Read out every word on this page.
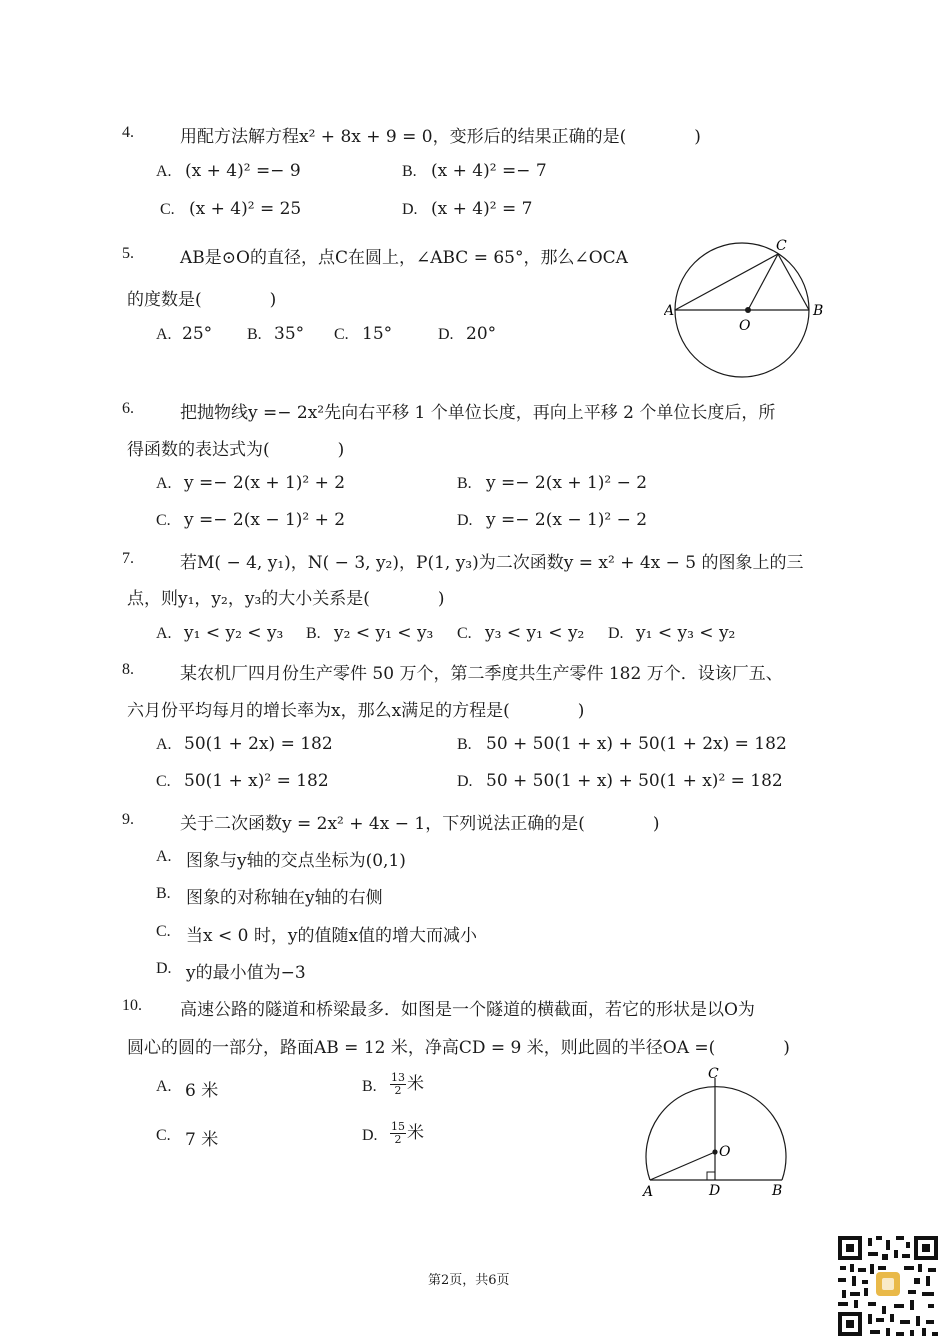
4.	用配方法解方程x² + 8x + 9 = 0，变形后的结果正确的是(　　　　)
A. (x + 4)² =− 9	B. (x + 4)² =− 7
C. (x + 4)² = 25	D. (x + 4)² = 7
5.	AB是⊙O的直径，点C在圆上，∠ABC = 65°，那么∠OCA
的度数是(　　　　)
A. 25° B. 35° C. 15°	D. 20°
A	B
C
O
6.	把抛物线y =− 2x²先向右平移 1 个单位长度，再向上平移 2 个单位长度后，所
得函数的表达式为(　　　　)
A. y =− 2(x + 1)² + 2	B. y =− 2(x + 1)² − 2
C. y =− 2(x − 1)² + 2	D. y =− 2(x − 1)² − 2
7.	若M( − 4, y₁)，N( − 3, y₂)，P(1, y₃)为二次函数y = x² + 4x − 5 的图象上的三
点，则y₁，y₂，y₃的大小关系是(　　　　)
A. y₁ < y₂ < y₃ B. y₂ < y₁ < y₃ C. y₃ < y₁ < y₂ D. y₁ < y₃ < y₂
8.	某农机厂四月份生产零件 50 万个，第二季度共生产零件 182 万个．设该厂五、
六月份平均每月的增长率为x，那么x满足的方程是(　　　　)
A. 50(1 + 2x) = 182	B. 50 + 50(1 + x) + 50(1 + 2x) = 182
C. 50(1 + x)² = 182	D. 50 + 50(1 + x) + 50(1 + x)² = 182
9.	关于二次函数y = 2x² + 4x − 1，下列说法正确的是(　　　　)
A. 图象与y轴的交点坐标为(0,1)
B. 图象的对称轴在y轴的右侧
C. 当x < 0 时，y的值随x值的增大而减小
D. y的最小值为−3
10. 高速公路的隧道和桥梁最多．如图是一个隧道的横截面，若它的形状是以O为
圆心的圆的一部分，路面AB = 12 米，净高CD = 9 米，则此圆的半径OA =(　　　　)
A. 6 米	B. $\frac{13}{2}$ 米
C. 7 米	D. $\frac{15}{2}$ 米
A	B
C
D
O
第2页，共6页
